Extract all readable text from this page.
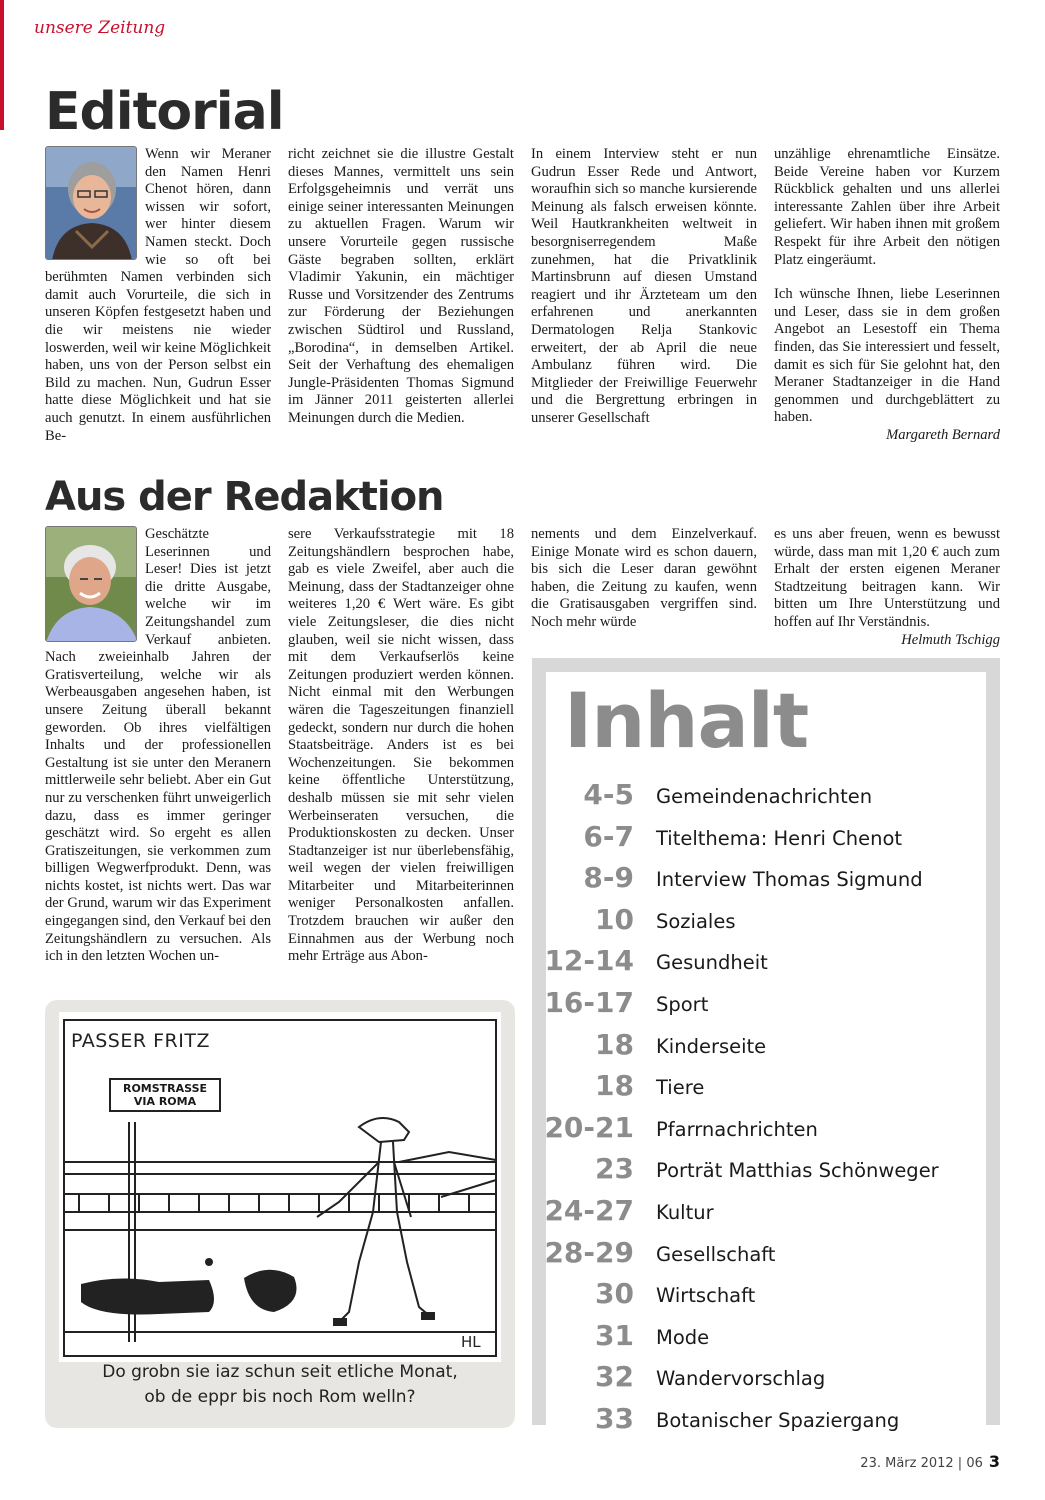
unsere Zeitung
Editorial

Wenn wir Meraner den Namen Henri Chenot hören, dann wissen wir sofort, wer hinter diesem Namen steckt. Doch wie so oft bei berühmten Namen verbinden sich damit auch Vorurteile, die sich in unseren Köpfen festgesetzt haben und die wir meistens nie wieder loswerden, weil wir keine Möglichkeit haben, uns von der Person selbst ein Bild zu machen. Nun, Gudrun Esser hatte diese Möglichkeit und hat sie auch genutzt. In einem ausführlichen Be-

richt zeichnet sie die illustre Gestalt dieses Mannes, vermittelt uns sein Erfolgsgeheimnis und verrät uns einige seiner interessanten Meinungen zu aktuellen Fragen. Warum wir unsere Vorurteile gegen russische Gäste begraben sollten, erklärt Vladimir Yakunin, ein mächtiger Russe und Vorsitzender des Zentrums zur Förderung der Beziehungen zwischen Südtirol und Russland, „Borodina“, in demselben Artikel. Seit der Verhaftung des ehemaligen Jungle-Präsidenten Thomas Sigmund im Jänner 2011 geisterten allerlei Meinungen durch die Medien.
In einem Interview steht er nun Gudrun Esser Rede und Antwort, woraufhin sich so manche kursierende Meinung als falsch erweisen könnte. Weil Hautkrankheiten weltweit in besorgniserregendem Maße zunehmen, hat die Privatklinik Martinsbrunn auf diesen Umstand reagiert und ihr Ärzteteam um den erfahrenen und anerkannten Dermatologen Relja Stankovic erweitert, der ab April die neue Ambulanz führen wird. Die Mitglieder der Freiwillige Feuerwehr und die Bergrettung erbringen in unserer Gesellschaft

unzählige ehrenamtliche Einsätze. Beide Vereine haben vor Kurzem Rückblick gehalten und uns allerlei interessante Zahlen über ihre Arbeit geliefert. Wir haben ihnen mit großem Respekt für ihre Arbeit den nötigen Platz eingeräumt.

Ich wünsche Ihnen, liebe Leserinnen und Leser, dass sie in dem großen Angebot an Lesestoff ein Thema finden, das Sie interessiert und fesselt, damit es sich für Sie gelohnt hat, den Meraner Stadtanzeiger in die Hand genommen und durchgeblättert zu haben.

Margareth Bernard

Aus der Redaktion

Geschätzte Leserinnen und Leser! Dies ist jetzt die dritte Ausgabe, welche wir im Zeitungshandel zum Verkauf anbieten. Nach zweieinhalb Jahren der Gratisverteilung, welche wir als Werbeausgaben angesehen haben, ist unsere Zeitung überall bekannt geworden. Ob ihres vielfältigen Inhalts und der professionellen Gestaltung ist sie unter den Meranern mittlerweile sehr beliebt. Aber ein Gut nur zu verschenken führt unweigerlich dazu, dass es immer geringer geschätzt wird. So ergeht es allen Gratiszeitungen, sie verkommen zum billigen Wegwerfprodukt. Denn, was nichts kostet, ist nichts wert. Das war der Grund, warum wir das Experiment eingegangen sind, den Verkauf bei den Zeitungshändlern zu versuchen. Als ich in den letzten Wochen un-

sere Verkaufsstrategie mit 18 Zeitungshändlern besprochen habe, gab es viele Zweifel, aber auch die Meinung, dass der Stadtanzeiger ohne weiteres 1,20 € Wert wäre. Es gibt viele Zeitungsleser, die dies nicht glauben, weil sie nicht wissen, dass mit dem Verkaufserlös keine Zeitungen produziert werden können. Nicht einmal mit den Werbungen wären die Tageszeitungen finanziell gedeckt, sondern nur durch die hohen Staatsbeiträge. Anders ist es bei Wochenzeitungen. Sie bekommen keine öffentliche Unterstützung, deshalb müssen sie mit sehr vielen Werbeinseraten versuchen, die Produktionskosten zu decken. Unser Stadtanzeiger ist nur überlebensfähig, weil wegen der vielen freiwilligen Mitarbeiter und Mitarbeiterinnen weniger Personalkosten anfallen. Trotzdem brauchen wir außer den Einnahmen aus der Werbung noch mehr Erträge aus Abon-
nements und dem Einzelverkauf. Einige Monate wird es schon dauern, bis sich die Leser daran gewöhnt haben, die Zeitung zu kaufen, wenn die Gratisausgaben vergriffen sind. Noch mehr würde

es uns aber freuen, wenn es bewusst würde, dass man mit 1,20 € auch zum Erhalt der ersten eigenen Meraner Stadtzeitung beitragen kann. Wir bitten um Ihre Unterstützung und hoffen auf Ihr Verständnis.

Helmuth Tschigg

HL
PASSER FRITZ
ROMSTRASSE
VIA ROMA
Do grobn sie iaz schun seit etliche Monat,
ob de eppr bis noch Rom welln?
Inhalt
4-5 Gemeindenachrichten
6-7 Titelthema: Henri Chenot
8-9 Interview Thomas Sigmund
10 Soziales
12-14 Gesundheit
16-17 Sport
18 Kinderseite
18 Tiere
20-21 Pfarrnachrichten
23 Porträt Matthias Schönweger
24-27 Kultur
28-29 Gesellschaft
30 Wirtschaft
31 Mode
32 Wandervorschlag
33 Botanischer Spaziergang
23. März 2012 | 06 3
